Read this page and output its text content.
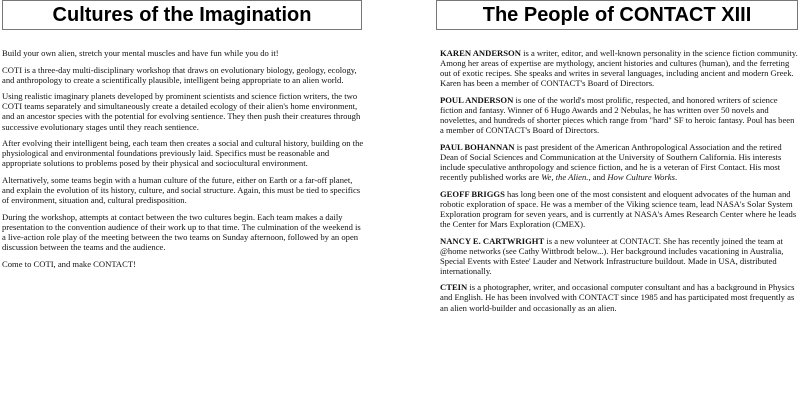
Cultures of the Imagination

Build your own alien, stretch your mental muscles and have fun while you do it!

COTI is a three-day multi-disciplinary workshop that draws on evolutionary biology, geology, ecology, and anthropology to create a scientifically plausible, intelligent being appropriate to an alien world.

Using realistic imaginary planets developed by prominent scientists and science fiction writers, the two COTI teams separately and simultaneously create a detailed ecology of their alien's home environment, and an ancestor species with the potential for evolving sentience. They then push their creatures through successive evolutionary stages until they reach sentience.

After evolving their intelligent being, each team then creates a social and cultural history, building on the physiological and environmental foundations previously laid. Specifics must be reasonable and appropriate solutions to problems posed by their physical and sociocultural environment.

Alternatively, some teams begin with a human culture of the future, either on Earth or a far-off planet, and explain the evolution of its history, culture, and social structure. Again, this must be tied to specifics of environment, situation and, cultural predisposition.

During the workshop, attempts at contact between the two cultures begin. Each team makes a daily presentation to the convention audience of their work up to that time. The culmination of the weekend is a live-action role play of the meeting between the two teams on Sunday afternoon, followed by an open discussion between the teams and the audience.

Come to COTI, and make CONTACT!

The People of CONTACT XIII

KAREN ANDERSON is a writer, editor, and well-known personality in the science fiction community. Among her areas of expertise are mythology, ancient histories and cultures (human), and the ferreting out of exotic recipes. She speaks and writes in several languages, including ancient and modern Greek. Karen has been a member of CONTACT's Board of Directors.

POUL ANDERSON is one of the world's most prolific, respected, and honored writers of science fiction and fantasy. Winner of 6 Hugo Awards and 2 Nebulas, he has written over 50 novels and novelettes, and hundreds of shorter pieces which range from "hard" SF to heroic fantasy. Poul has been a member of CONTACT's Board of Directors.

PAUL BOHANNAN is past president of the American Anthropological Association and the retired Dean of Social Sciences and Communication at the University of Southern California. His interests include speculative anthropology and science fiction, and he is a veteran of First Contact. His most recently published works are We, the Alien., and How Culture Works.

GEOFF BRIGGS has long been one of the most consistent and eloquent advocates of the human and robotic exploration of space. He was a member of the Viking science team, lead NASA's Solar System Exploration program for seven years, and is currently at NASA's Ames Research Center where he leads the Center for Mars Exploration (CMEX).

NANCY E. CARTWRIGHT is a new volunteer at CONTACT. She has recently joined the team at @home networks (see Cathy Wittbrodt below...). Her background includes vacationing in Australia, Special Events with Estee' Lauder and Network Infrastructure buildout. Made in USA, distributed internationally.

CTEIN is a photographer, writer, and occasional computer consultant and has a background in Physics and English. He has been involved with CONTACT since 1985 and has participated most frequently as an alien world-builder and occasionally as an alien.
